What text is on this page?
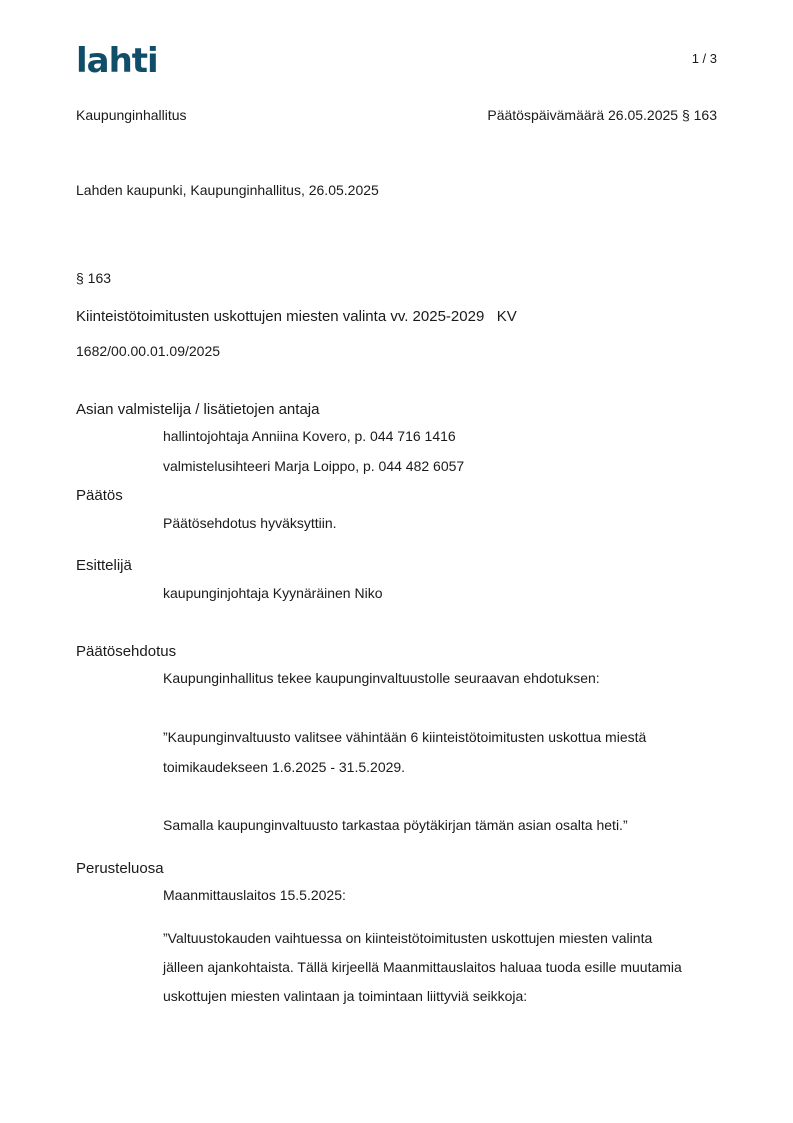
lahti	1 / 3
Kaupunginhallitus	Päätöspäivämäärä 26.05.2025 § 163
Lahden kaupunki, Kaupunginhallitus, 26.05.2025
§ 163
Kiinteistötoimitusten uskottujen miesten valinta vv. 2025-2029   KV
1682/00.00.01.09/2025
Asian valmistelija / lisätietojen antaja
hallintojohtaja Anniina Kovero, p. 044 716 1416
valmistelusihteeri Marja Loippo, p. 044 482 6057
Päätös
Päätösehdotus hyväksyttiin.
Esittelijä
kaupunginjohtaja Kyynäräinen Niko
Päätösehdotus
Kaupunginhallitus tekee kaupunginvaltuustolle seuraavan ehdotuksen:
”Kaupunginvaltuusto valitsee vähintään 6 kiinteistötoimitusten uskottua miestä
toimikaudekseen 1.6.2025 - 31.5.2029.
Samalla kaupunginvaltuusto tarkastaa pöytäkirjan tämän asian osalta heti.”
Perusteluosa
Maanmittauslaitos 15.5.2025:
”Valtuustokauden vaihtuessa on kiinteistötoimitusten uskottujen miesten valinta
jälleen ajankohtaista. Tällä kirjeellä Maanmittauslaitos haluaa tuoda esille muutamia
uskottujen miesten valintaan ja toimintaan liittyviä seikkoja:
